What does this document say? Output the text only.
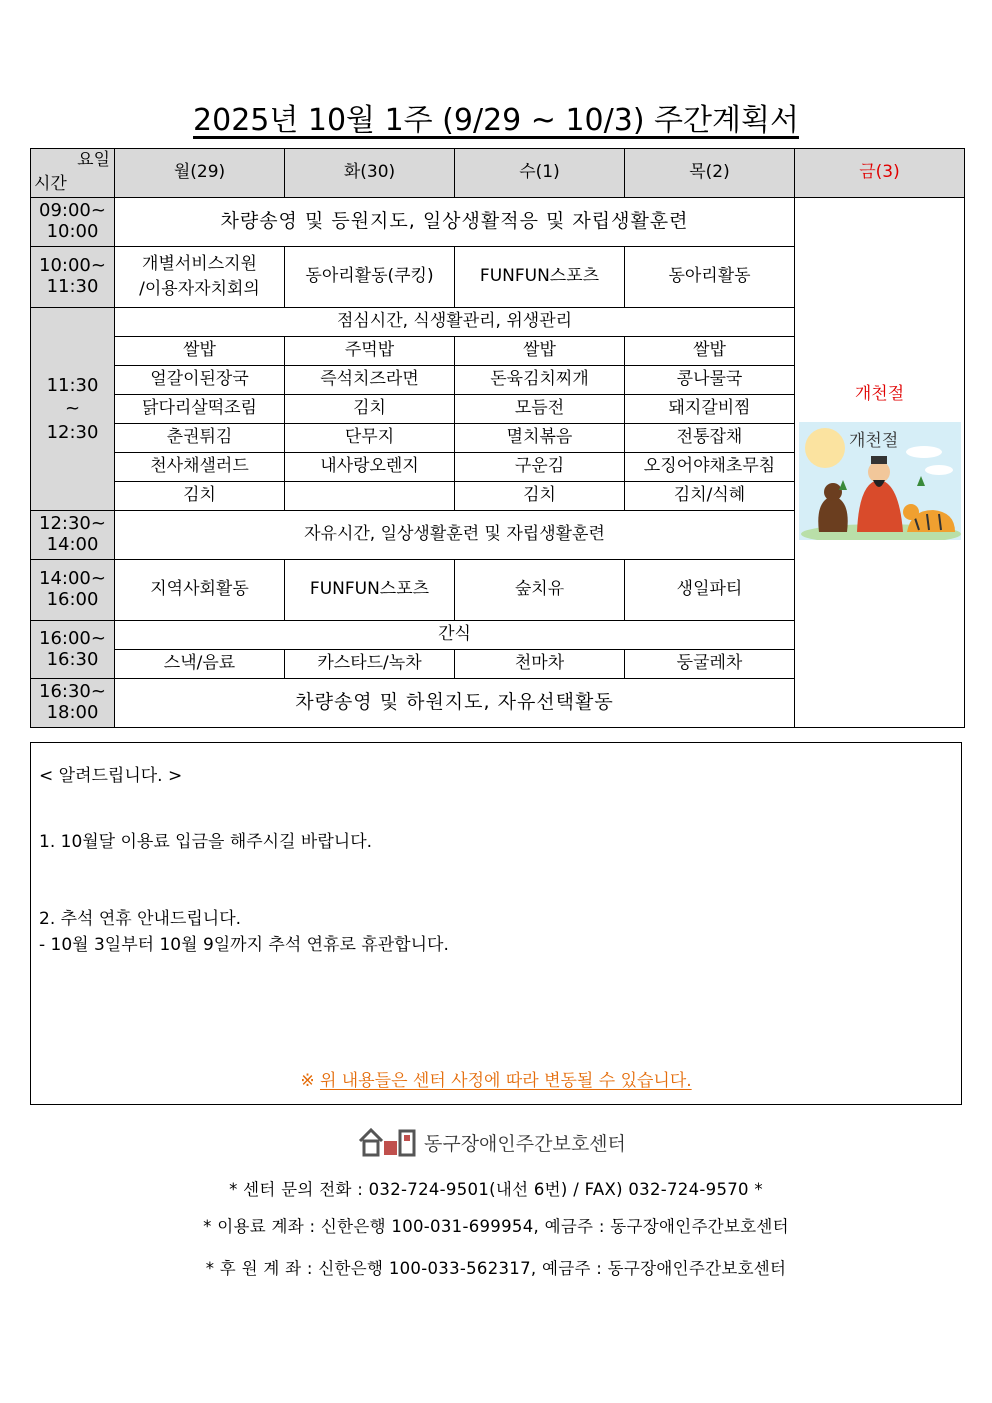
2025년 10월 1주 (9/29 ~ 10/3) 주간계획서
요일
시간	월(29)	화(30)	수(1)	목(2)	금(3)
09:00~
10:00	차량송영 및 등원지도, 일상생활적응 및 자립생활훈련				개천절
개천절

10:00~
11:30	개별서비스지원
/이용자자치회의	동아리활동(쿠킹)	FUNFUN스포츠	동아리활동	
11:30
~
12:30	점심시간, 식생활관리, 위생관리				
	쌀밥	주먹밥	쌀밥	쌀밥	
	얼갈이된장국	즉석치즈라면	돈육김치찌개	콩나물국	
	닭다리살떡조림	김치	모듬전	돼지갈비찜	
	춘권튀김	단무지	멸치볶음	전통잡채	
	천사채샐러드	내사랑오렌지	구운김	오징어야채초무침	
	김치		김치	김치/식혜	
12:30~
14:00	자유시간, 일상생활훈련 및 자립생활훈련				
14:00~
16:00	지역사회활동	FUNFUN스포츠	숲치유	생일파티	
16:00~
16:30	간식				
	스낵/음료	카스타드/녹차	천마차	둥굴레차	
16:30~
18:00	차량송영 및 하원지도, 자유선택활동				

< 알려드립니다. >

1. 10월달 이용료 입금을 해주시길 바랍니다.

2. 추석 연휴 안내드립니다.

- 10월 3일부터 10월 9일까지 추석 연휴로 휴관합니다.

※ 위 내용들은 센터 사정에 따라 변동될 수 있습니다.
동구장애인주간보호센터
* 센터 문의 전화 : 032-724-9501(내선 6번) / FAX) 032-724-9570 *
* 이용료 계좌 : 신한은행 100-031-699954, 예금주 : 동구장애인주간보호센터
* 후 원 계 좌 : 신한은행 100-033-562317, 예금주 : 동구장애인주간보호센터
